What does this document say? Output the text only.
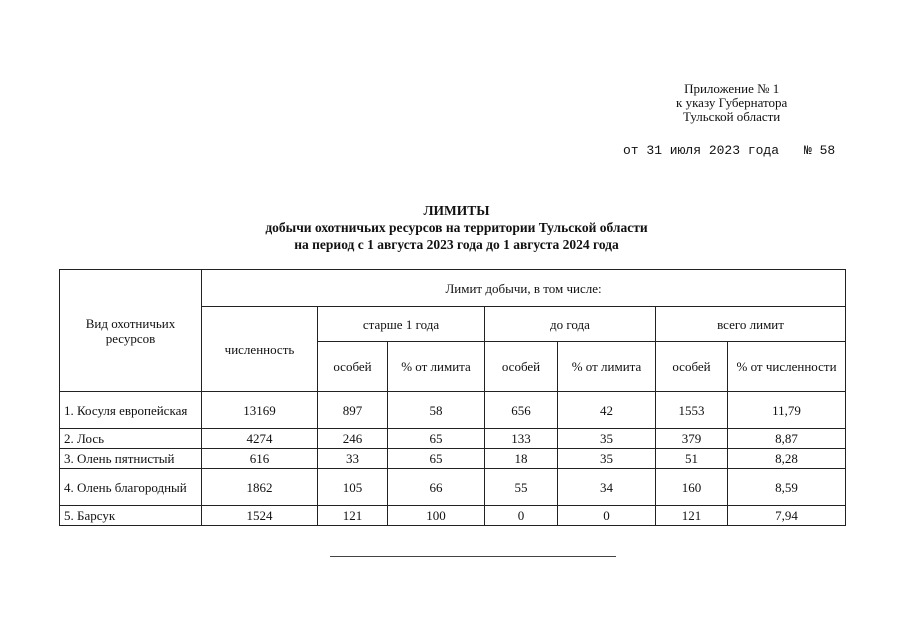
Приложение № 1
к указу Губернатора
Тульской области
от 31 июля 2023 года № 58
ЛИМИТЫ
добычи охотничьих ресурсов на территории Тульской области
на период с 1 августа 2023 года до 1 августа 2024 года
Вид охотничьих ресурсов	Лимит добычи, в том числе:						
	численность	старше 1 года		до года		всего лимит	
		особей	% от лимита	особей	% от лимита	особей	% от численности
1. Косуля европейская	13169	897	58	656	42	1553	11,79
2. Лось	4274	246	65	133	35	379	8,87
3. Олень пятнистый	616	33	65	18	35	51	8,28
4. Олень благородный	1862	105	66	55	34	160	8,59
5. Барсук	1524	121	100	0	0	121	7,94
